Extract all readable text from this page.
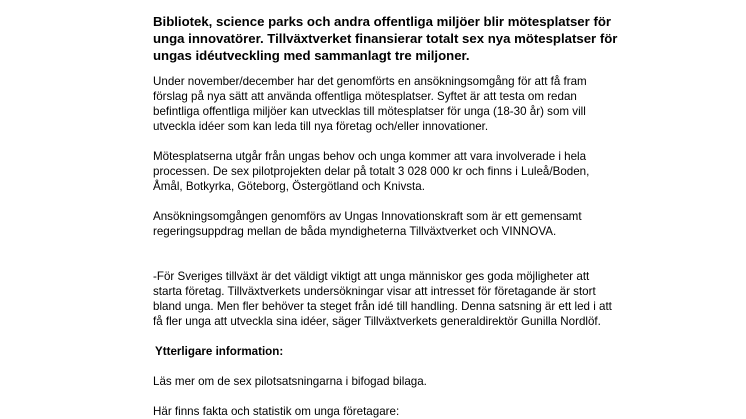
Bibliotek, science parks och andra offentliga miljöer blir mötesplatser för
unga innovatörer. Tillväxtverket finansierar totalt sex nya mötesplatser för
ungas idéutveckling med sammanlagt tre miljoner.
Under november/december har det genomförts en ansökningsomgång för att få fram
förslag på nya sätt att använda offentliga mötesplatser. Syftet är att testa om redan
befintliga offentliga miljöer kan utvecklas till mötesplatser för unga (18-30 år) som vill
utveckla idéer som kan leda till nya företag och/eller innovationer.
Mötesplatserna utgår från ungas behov och unga kommer att vara involverade i hela
processen. De sex pilotprojekten delar på totalt 3 028 000 kr och finns i Luleå/Boden,
Åmål, Botkyrka, Göteborg, Östergötland och Knivsta.
Ansökningsomgången genomförs av Ungas Innovationskraft som är ett gemensamt
regeringsuppdrag mellan de båda myndigheterna Tillväxtverket och VINNOVA.
-För Sveriges tillväxt är det väldigt viktigt att unga människor ges goda möjligheter att
starta företag. Tillväxtverkets undersökningar visar att intresset för företagande är stort
bland unga. Men fler behöver ta steget från idé till handling. Denna satsning är ett led i att
få fler unga att utveckla sina idéer, säger Tillväxtverkets generaldirektör Gunilla Nordlöf.
Ytterligare information:
Läs mer om de sex pilotsatsningarna i bifogad bilaga.
Här finns fakta och statistik om unga företagare:
